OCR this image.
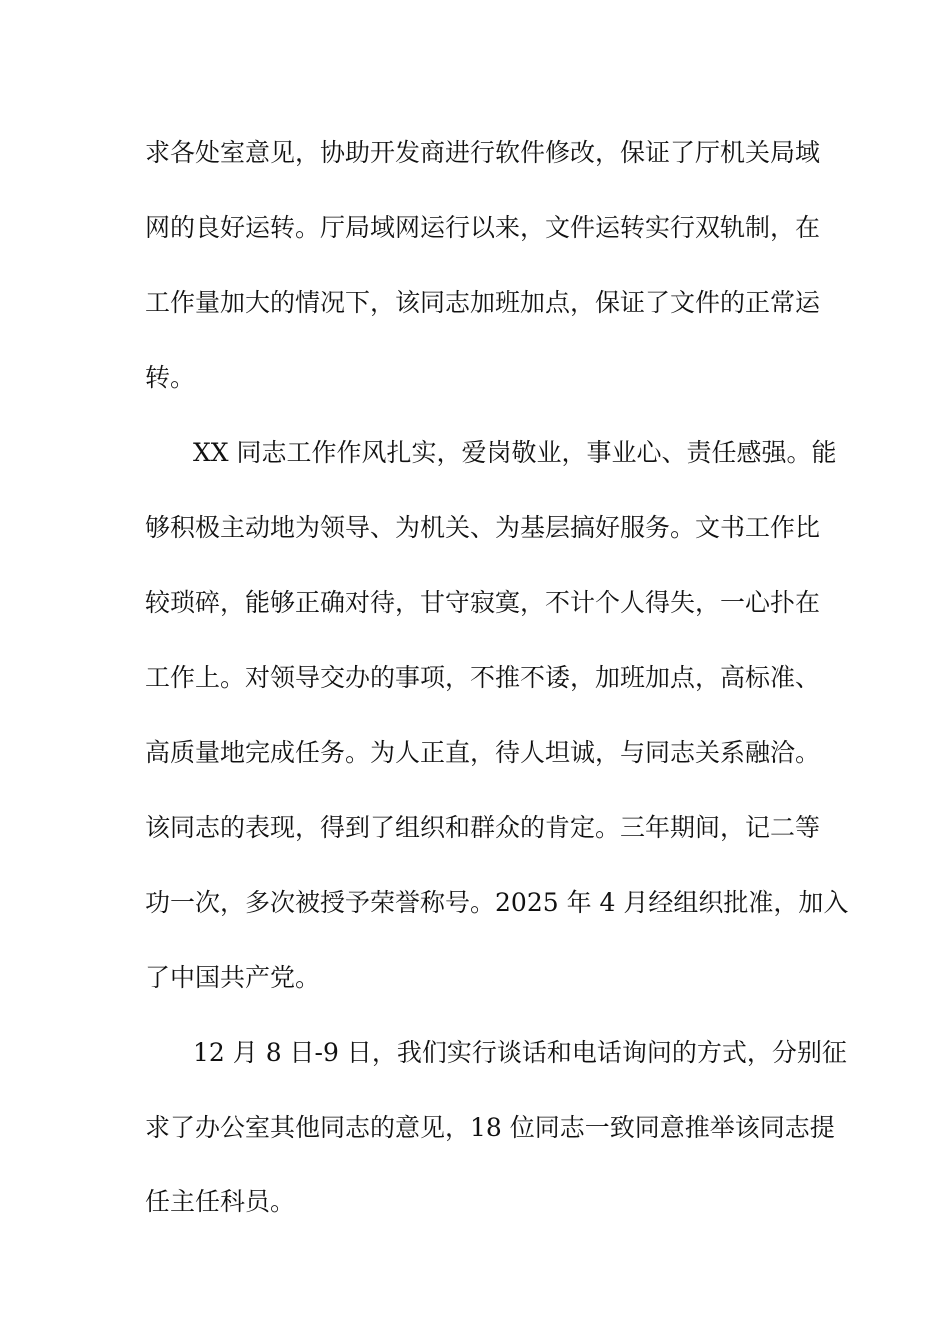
求各处室意见，协助开发商进行软件修改，保证了厅机关局域
网的良好运转。厅局域网运行以来，文件运转实行双轨制，在
工作量加大的情况下，该同志加班加点，保证了文件的正常运
转。
XX 同志工作作风扎实，爱岗敬业，事业心、责任感强。能
够积极主动地为领导、为机关、为基层搞好服务。文书工作比
较琐碎，能够正确对待，甘守寂寞，不计个人得失，一心扑在
工作上。对领导交办的事项，不推不诿，加班加点，高标准、
高质量地完成任务。为人正直，待人坦诚，与同志关系融洽。
该同志的表现，得到了组织和群众的肯定。三年期间，记二等
功一次，多次被授予荣誉称号。2025 年 4 月经组织批准，加入
了中国共产党。
12 月 8 日-9 日，我们实行谈话和电话询问的方式，分别征
求了办公室其他同志的意见，18 位同志一致同意推举该同志提
任主任科员。
